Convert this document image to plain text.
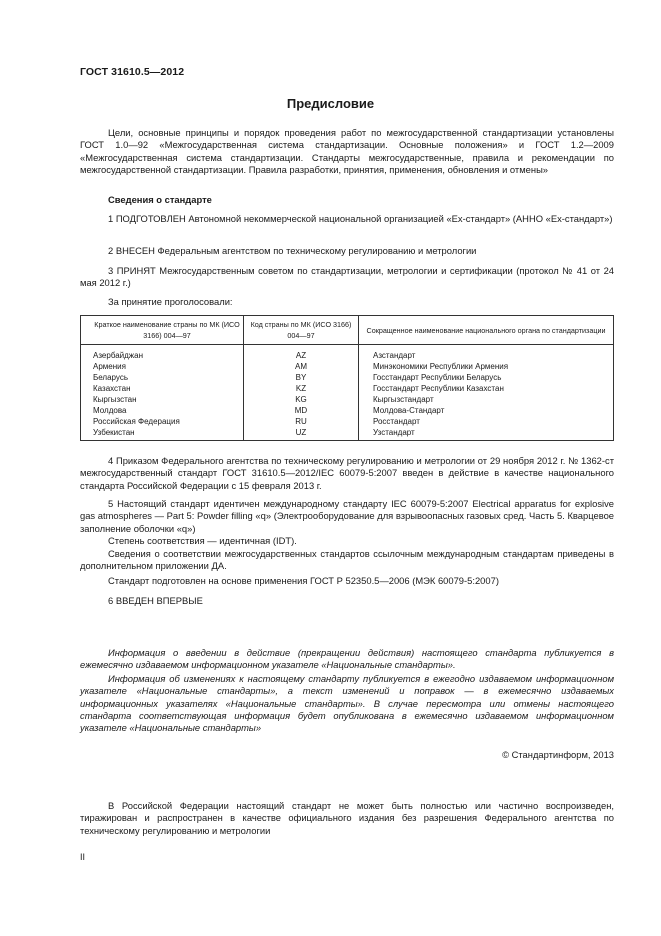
ГОСТ 31610.5—2012
Предисловие
Цели, основные принципы и порядок проведения работ по межгосударственной стандартизации установлены ГОСТ 1.0—92 «Межгосударственная система стандартизации. Основные положения» и ГОСТ 1.2—2009 «Межгосударственная система стандартизации. Стандарты межгосударственные, правила и рекомендации по межгосударственной стандартизации. Правила разработки, принятия, применения, обновления и отмены»
Сведения о стандарте
1 ПОДГОТОВЛЕН Автономной некоммерческой национальной организацией «Ех-стандарт» (АННО «Ех-стандарт»)
2 ВНЕСЕН Федеральным агентством по техническому регулированию и метрологии
3 ПРИНЯТ Межгосударственным советом по стандартизации, метрологии и сертификации (протокол № 41 от 24 мая 2012 г.)
За принятие проголосовали:
Краткое наименование страны по МК (ИСО 3166) 004—97	Код страны по МК (ИСО 3166) 004—97	Сокращенное наименование национального органа по стандартизации
Азербайджан	AZ	Азстандарт
Армения	AM	Минэкономики Республики Армения
Беларусь	BY	Госстандарт Республики Беларусь
Казахстан	KZ	Госстандарт Республики Казахстан
Кыргызстан	KG	Кыргызстандарт
Молдова	MD	Молдова-Стандарт
Российская Федерация	RU	Росстандарт
Узбекистан	UZ	Узстандарт
4 Приказом Федерального агентства по техническому регулированию и метрологии от 29 ноября 2012 г. № 1362-ст межгосударственный стандарт ГОСТ 31610.5—2012/IEC 60079-5:2007 введен в действие в качестве национального стандарта Российской Федерации с 15 февраля 2013 г.
5 Настоящий стандарт идентичен международному стандарту IEC 60079-5:2007 Electrical apparatus for explosive gas atmospheres — Part 5: Powder filling «q» (Электрооборудование для взрывоопасных газовых сред. Часть 5. Кварцевое заполнение оболочки «q»)
Степень соответствия — идентичная (IDT).
Сведения о соответствии межгосударственных стандартов ссылочным международным стандартам приведены в дополнительном приложении ДА.
Стандарт подготовлен на основе применения ГОСТ Р 52350.5—2006 (МЭК 60079-5:2007)
6 ВВЕДЕН ВПЕРВЫЕ
Информация о введении в действие (прекращении действия) настоящего стандарта публикуется в ежемесячно издаваемом информационном указателе «Национальные стандарты».
Информация об изменениях к настоящему стандарту публикуется в ежегодно издаваемом информационном указателе «Национальные стандарты», а текст изменений и поправок — в ежемесячно издаваемых информационных указателях «Национальные стандарты». В случае пересмотра или отмены настоящего стандарта соответствующая информация будет опубликована в ежемесячно издаваемом информационном указателе «Национальные стандарты»
© Стандартинформ, 2013
В Российской Федерации настоящий стандарт не может быть полностью или частично воспроизведен, тиражирован и распространен в качестве официального издания без разрешения Федерального агентства по техническому регулированию и метрологии
II
